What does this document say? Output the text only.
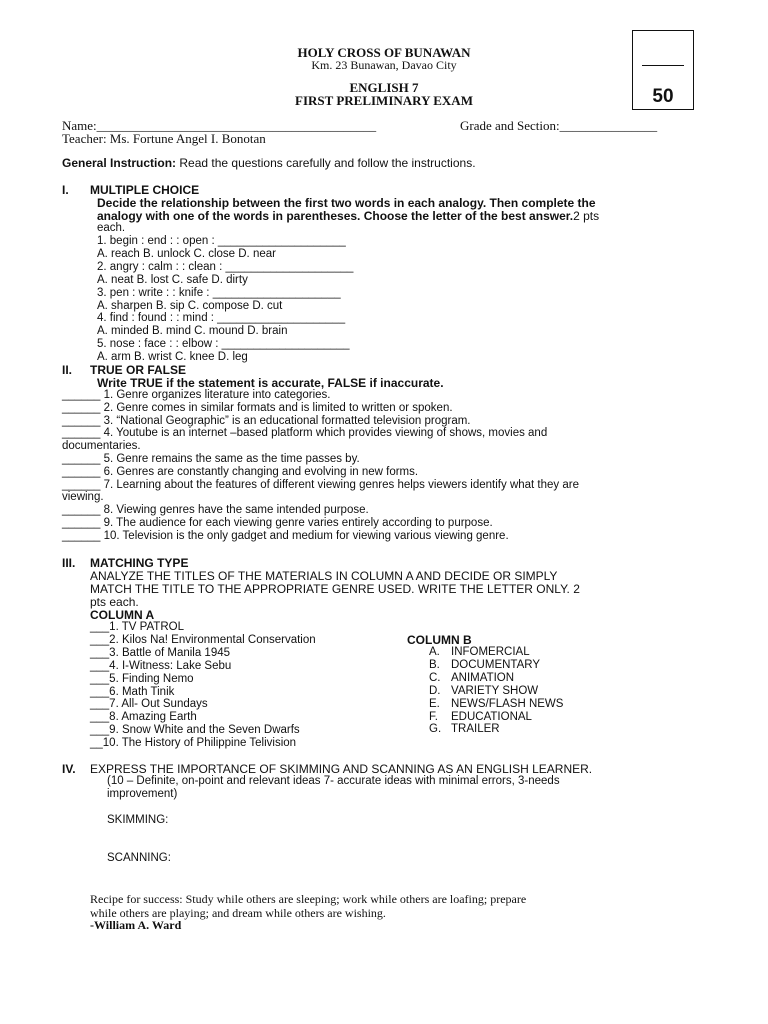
HOLY CROSS OF BUNAWAN
Km. 23 Bunawan, Davao City
ENGLISH 7
FIRST PRELIMINARY EXAM	50
Name:___________________________________________	Grade and Section:_______________
Teacher: Ms. Fortune Angel I. Bonotan
General Instruction: Read the questions carefully and follow the instructions.
I. MULTIPLE CHOICE
Decide the relationship between the first two words in each analogy. Then complete the
analogy with one of the words in parentheses. Choose the letter of the best answer.2 pts
each.
1. begin : end : : open : ____________________
A. reach B. unlock C. close D. near
2. angry : calm : : clean : ____________________
A. neat B. lost C. safe D. dirty
3. pen : write : : knife : ____________________
A. sharpen B. sip C. compose D. cut
4. find : found : : mind : ____________________
A. minded B. mind C. mound D. brain
5. nose : face : : elbow : ____________________
A. arm B. wrist C. knee D. leg
II. TRUE OR FALSE
Write TRUE if the statement is accurate, FALSE if inaccurate.
______ 1. Genre organizes literature into categories.
______ 2. Genre comes in similar formats and is limited to written or spoken.
______ 3. “National Geographic” is an educational formatted television program.
______ 4. Youtube is an internet –based platform which provides viewing of shows, movies and
documentaries.
______ 5. Genre remains the same as the time passes by.
______ 6. Genres are constantly changing and evolving in new forms.
______ 7. Learning about the features of different viewing genres helps viewers identify what they are
viewing.
______ 8. Viewing genres have the same intended purpose.
______ 9. The audience for each viewing genre varies entirely according to purpose.
______ 10. Television is the only gadget and medium for viewing various viewing genre.
III. MATCHING TYPE
ANALYZE THE TITLES OF THE MATERIALS IN COLUMN A AND DECIDE OR SIMPLY
MATCH THE TITLE TO THE APPROPRIATE GENRE USED. WRITE THE LETTER ONLY. 2
pts each.
COLUMN A
___1. TV PATROL
___2. Kilos Na! Environmental Conservation
___3. Battle of Manila 1945
___4. I-Witness: Lake Sebu
___5. Finding Nemo
___6. Math Tinik
___7. All- Out Sundays
___8. Amazing Earth
___9. Snow White and the Seven Dwarfs
__10. The History of Philippine Telivision
COLUMN B
A. INFOMERCIAL
B. DOCUMENTARY
C. ANIMATION
D. VARIETY SHOW
E. NEWS/FLASH NEWS
F. EDUCATIONAL
G. TRAILER
IV. EXPRESS THE IMPORTANCE OF SKIMMING AND SCANNING AS AN ENGLISH LEARNER.
(10 – Definite, on-point and relevant ideas 7- accurate ideas with minimal errors, 3-needs
improvement)
SKIMMING:
SCANNING:
Recipe for success: Study while others are sleeping; work while others are loafing; prepare
while others are playing; and dream while others are wishing.
-William A. Ward
